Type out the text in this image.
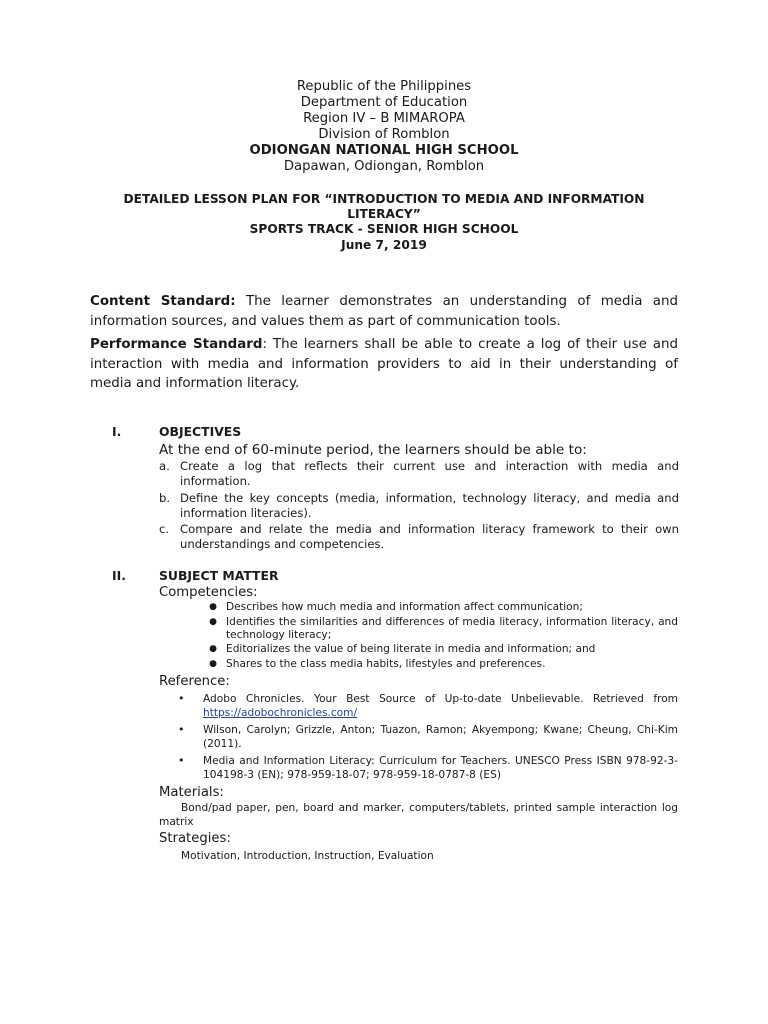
Republic of the Philippines
Department of Education
Region IV – B MIMAROPA
Division of Romblon
ODIONGAN NATIONAL HIGH SCHOOL
Dapawan, Odiongan, Romblon
DETAILED LESSON PLAN FOR “INTRODUCTION TO MEDIA AND INFORMATION
LITERACY”
SPORTS TRACK - SENIOR HIGH SCHOOL
June 7, 2019
Content Standard: The learner demonstrates an understanding of media and information sources, and values them as part of communication tools.
Performance Standard: The learners shall be able to create a log of their use and interaction with media and information providers to aid in their understanding of media and information literacy.
I.	OBJECTIVES
At the end of 60-minute period, the learners should be able to:
a. Create a log that reflects their current use and interaction with media and information.
b. Define the key concepts (media, information, technology literacy, and media and information literacies).
c. Compare and relate the media and information literacy framework to their own understandings and competencies.
II.	SUBJECT MATTER
Competencies:
● Describes how much media and information affect communication;
● Identifies the similarities and differences of media literacy, information literacy, and technology literacy;
● Editorializes the value of being literate in media and information; and
● Shares to the class media habits, lifestyles and preferences.
Reference:
•	Adobo Chronicles. Your Best Source of Up-to-date Unbelievable. Retrieved from https://adobochronicles.com/
•	Wilson, Carolyn; Grizzle, Anton; Tuazon, Ramon; Akyempong; Kwane; Cheung, Chi-Kim (2011).
•	Media and Information Literacy: Curriculum for Teachers. UNESCO Press ISBN 978-92-3-104198-3 (EN); 978-959-18-07; 978-959-18-0787-8 (ES)
Materials:
Bond/pad paper, pen, board and marker, computers/tablets, printed sample interaction log matrix
Strategies:
Motivation, Introduction, Instruction, Evaluation
